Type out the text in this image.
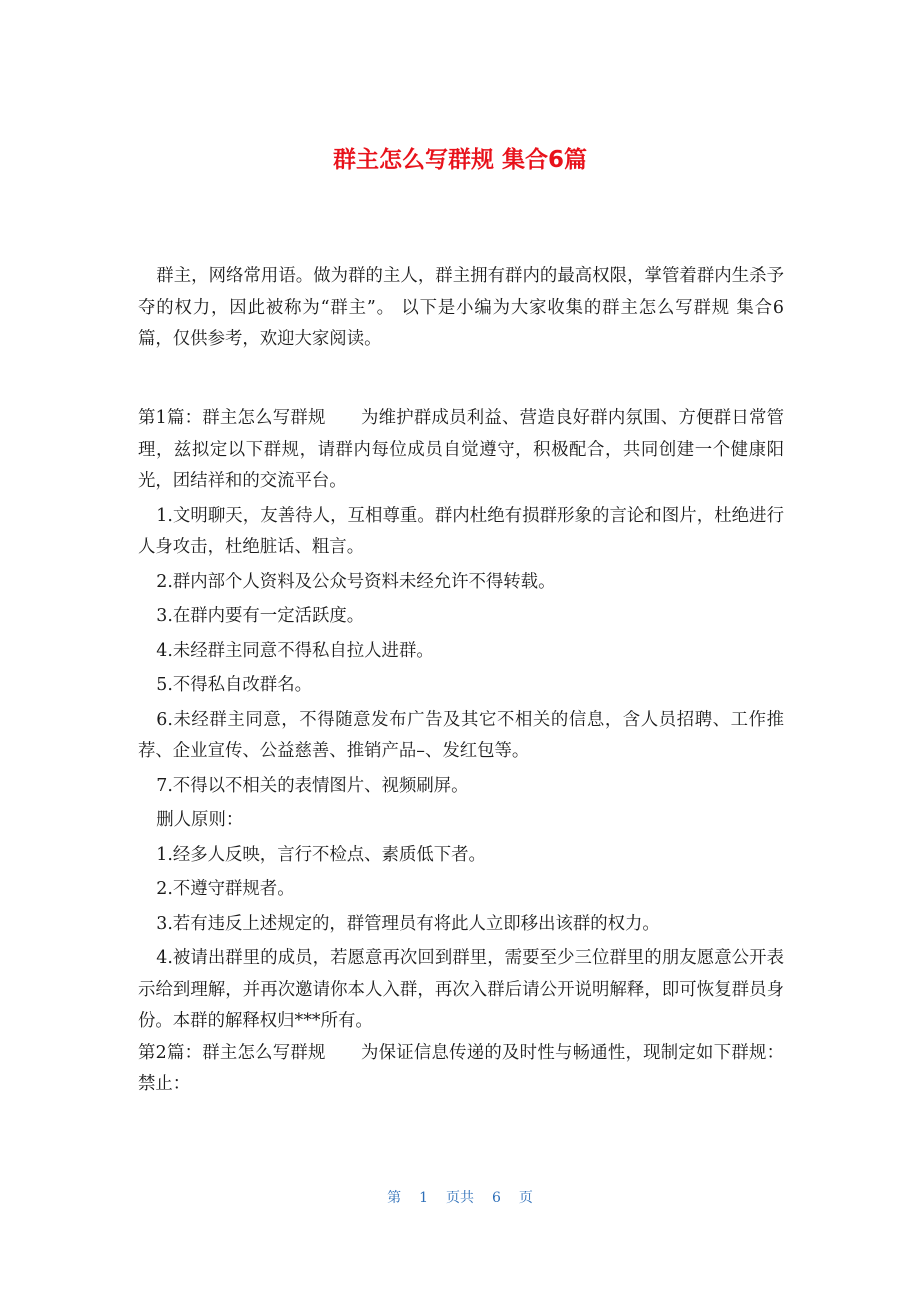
群主怎么写群规 集合6篇

群主，网络常用语。做为群的主人，群主拥有群内的最高权限，掌管着群内生杀予夺的权力，因此被称为“群主”。 以下是小编为大家收集的群主怎么写群规 集合6篇，仅供参考，欢迎大家阅读。

第1篇：群主怎么写群规　　为维护群成员利益、营造良好群内氛围、方便群日常管理，兹拟定以下群规，请群内每位成员自觉遵守，积极配合，共同创建一个健康阳光，团结祥和的交流平台。

1.文明聊天，友善待人，互相尊重。群内杜绝有损群形象的言论和图片，杜绝进行人身攻击，杜绝脏话、粗言。

2.群内部个人资料及公众号资料未经允许不得转载。

3.在群内要有一定活跃度。

4.未经群主同意不得私自拉人进群。

5.不得私自改群名。

6.未经群主同意，不得随意发布广告及其它不相关的信息，含人员招聘、工作推荐、企业宣传、公益慈善、推销产品–、发红包等。

7.不得以不相关的表情图片、视频刷屏。

删人原则：

1.经多人反映，言行不检点、素质低下者。

2.不遵守群规者。

3.若有违反上述规定的，群管理员有将此人立即移出该群的权力。

4.被请出群里的成员，若愿意再次回到群里，需要至少三位群里的朋友愿意公开表示给到理解，并再次邀请你本人入群，再次入群后请公开说明解释，即可恢复群员身份。本群的解释权归***所有。

第2篇：群主怎么写群规　　为保证信息传递的及时性与畅通性，现制定如下群规：禁止：

第 1 页共 6 页
